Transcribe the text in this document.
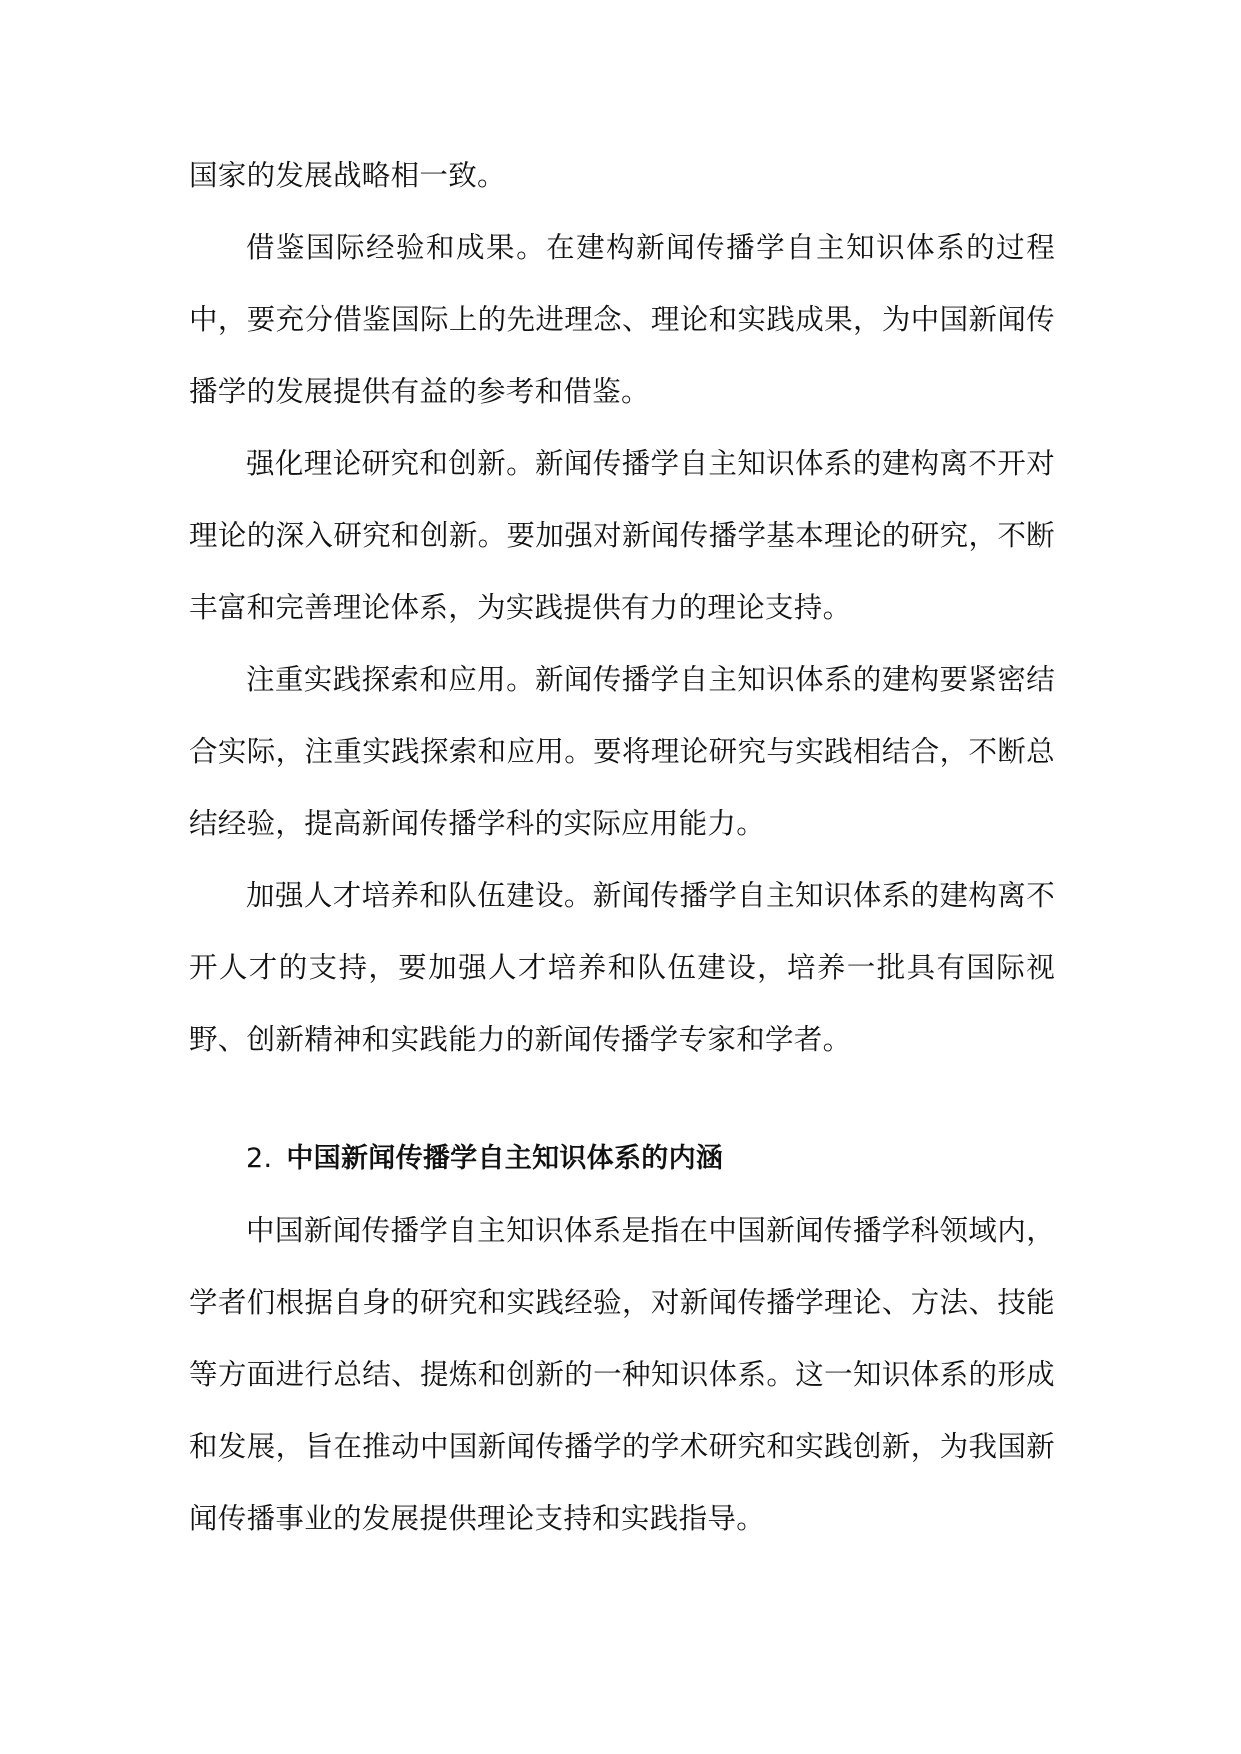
国家的发展战略相一致。

借鉴国际经验和成果。在建构新闻传播学自主知识体系的过程中，要充分借鉴国际上的先进理念、理论和实践成果，为中国新闻传播学的发展提供有益的参考和借鉴。

强化理论研究和创新。新闻传播学自主知识体系的建构离不开对理论的深入研究和创新。要加强对新闻传播学基本理论的研究，不断丰富和完善理论体系，为实践提供有力的理论支持。

注重实践探索和应用。新闻传播学自主知识体系的建构要紧密结合实际，注重实践探索和应用。要将理论研究与实践相结合，不断总结经验，提高新闻传播学科的实际应用能力。

加强人才培养和队伍建设。新闻传播学自主知识体系的建构离不开人才的支持，要加强人才培养和队伍建设，培养一批具有国际视野、创新精神和实践能力的新闻传播学专家和学者。

2. 中国新闻传播学自主知识体系的内涵

中国新闻传播学自主知识体系是指在中国新闻传播学科领域内，学者们根据自身的研究和实践经验，对新闻传播学理论、方法、技能等方面进行总结、提炼和创新的一种知识体系。这一知识体系的形成和发展，旨在推动中国新闻传播学的学术研究和实践创新，为我国新闻传播事业的发展提供理论支持和实践指导。
